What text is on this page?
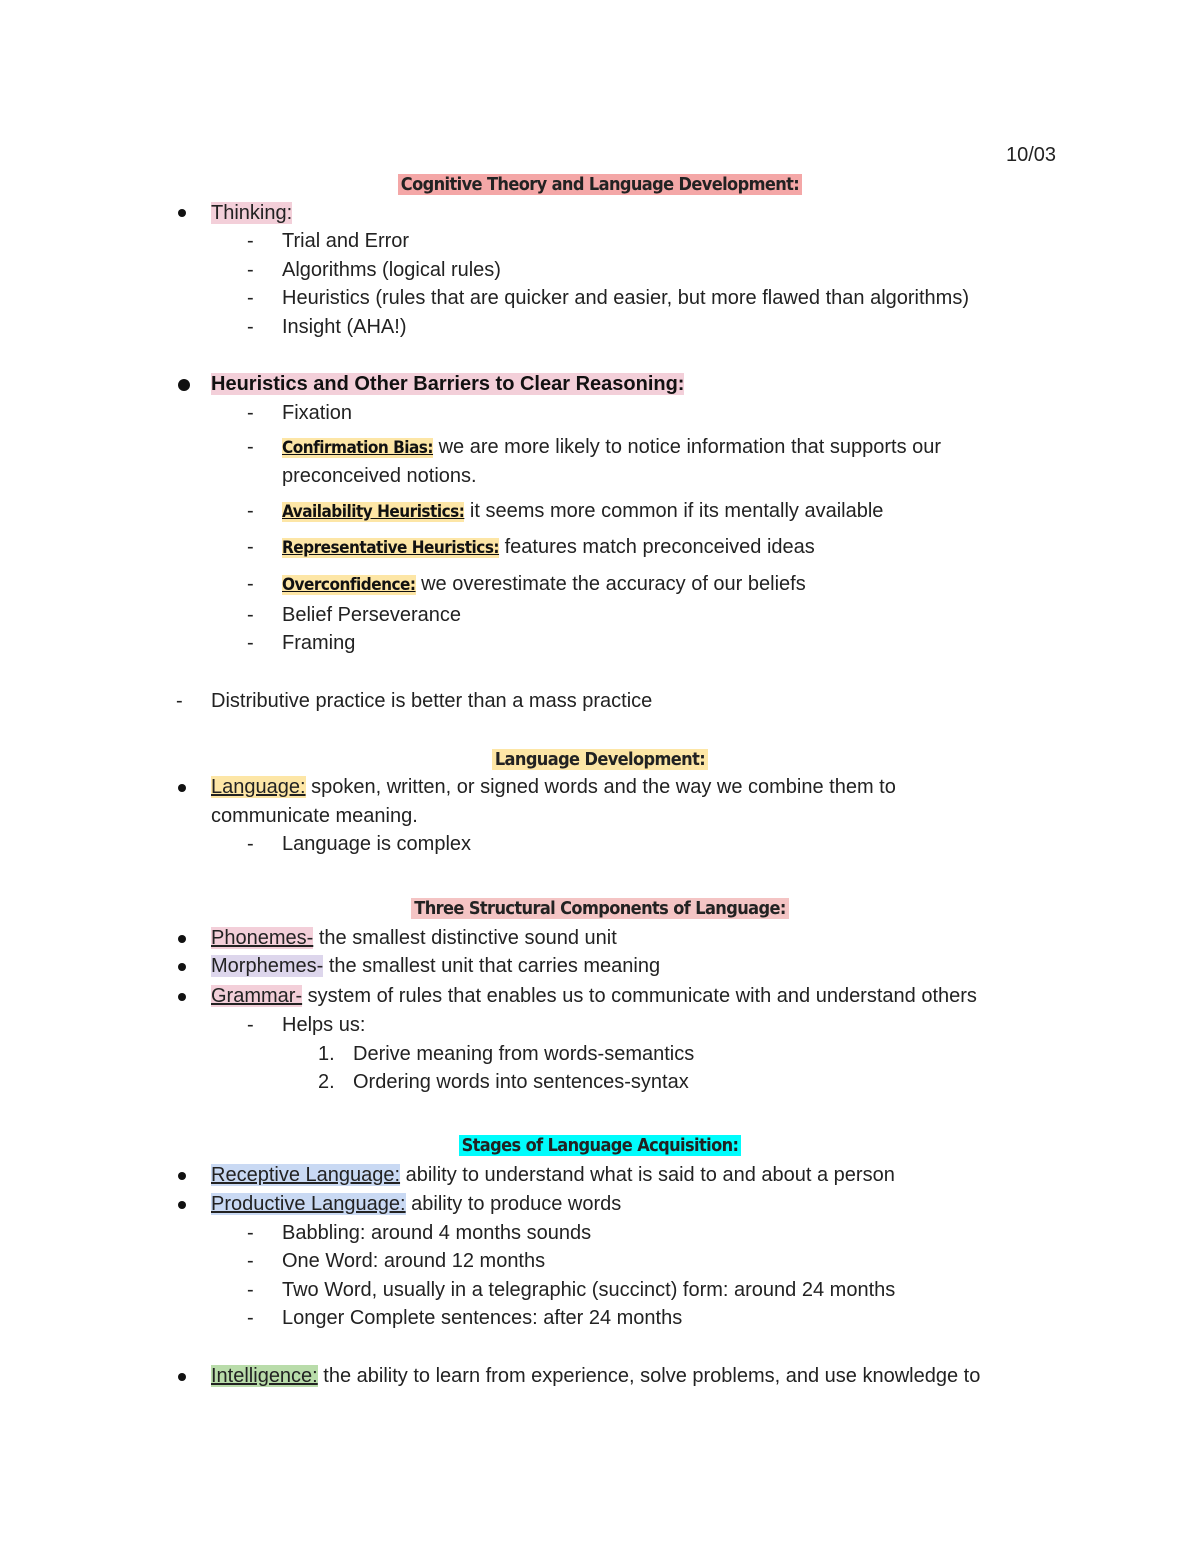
10/03
Cognitive Theory and Language Development:
Thinking:
- Trial and Error
- Algorithms (logical rules)
- Heuristics (rules that are quicker and easier, but more flawed than algorithms)
- Insight (AHA!)
Heuristics and Other Barriers to Clear Reasoning:
- Fixation
- Confirmation Bias: we are more likely to notice information that supports our
preconceived notions.
- Availability Heuristics: it seems more common if its mentally available
- Representative Heuristics: features match preconceived ideas
- Overconfidence: we overestimate the accuracy of our beliefs
- Belief Perseverance
- Framing
- Distributive practice is better than a mass practice
Language Development:
Language: spoken, written, or signed words and the way we combine them to
communicate meaning.
- Language is complex
Three Structural Components of Language:
Phonemes- the smallest distinctive sound unit
Morphemes- the smallest unit that carries meaning
Grammar- system of rules that enables us to communicate with and understand others
- Helps us:
1. Derive meaning from words-semantics
2. Ordering words into sentences-syntax
Stages of Language Acquisition:
Receptive Language: ability to understand what is said to and about a person
Productive Language: ability to produce words
- Babbling: around 4 months sounds
- One Word: around 12 months
- Two Word, usually in a telegraphic (succinct) form: around 24 months
- Longer Complete sentences: after 24 months
Intelligence: the ability to learn from experience, solve problems, and use knowledge to
